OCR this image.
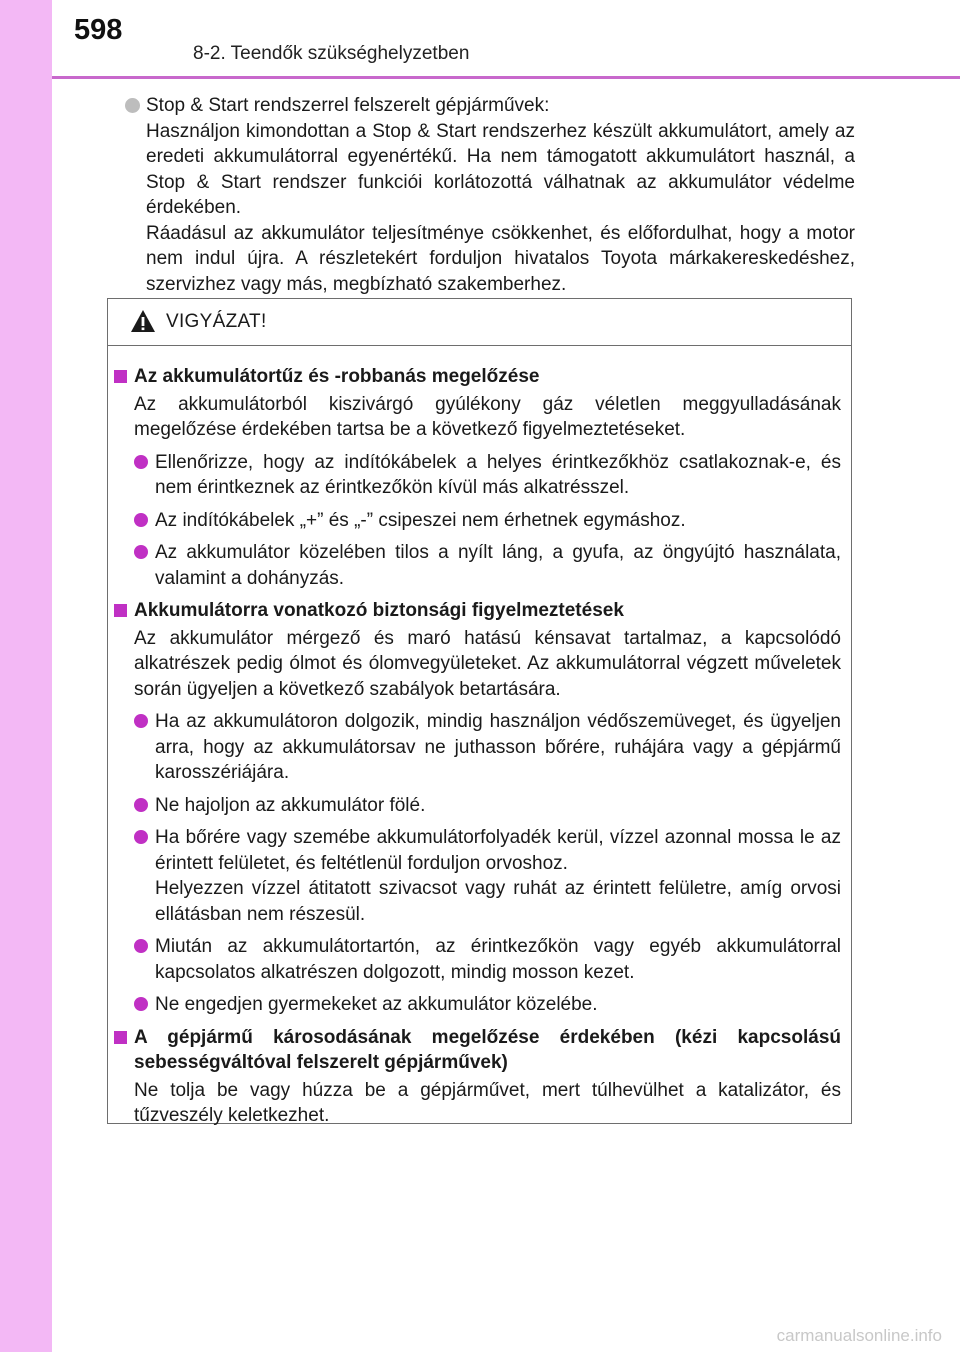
598
8-2. Teendők szükséghelyzetben
Stop & Start rendszerrel felszerelt gépjárművek:
Használjon kimondottan a Stop & Start rendszerhez készült akkumulátort, amely az eredeti akkumulátorral egyenértékű. Ha nem támogatott akkumulátort használ, a Stop & Start rendszer funkciói korlátozottá válhatnak az akkumulátor védelme érdekében.
Ráadásul az akkumulátor teljesítménye csökkenhet, és előfordulhat, hogy a motor nem indul újra. A részletekért forduljon hivatalos Toyota márkakereskedéshez, szervizhez vagy más, megbízható szakemberhez.
VIGYÁZAT!
Az akkumulátortűz és -robbanás megelőzése
Az akkumulátorból kiszivárgó gyúlékony gáz véletlen meggyulladásának megelőzése érdekében tartsa be a következő figyelmeztetéseket.
Ellenőrizze, hogy az indítókábelek a helyes érintkezőkhöz csatlakoznak-e, és nem érintkeznek az érintkezőkön kívül más alkatrésszel.
Az indítókábelek „+” és „-” csipeszei nem érhetnek egymáshoz.
Az akkumulátor közelében tilos a nyílt láng, a gyufa, az öngyújtó használata, valamint a dohányzás.
Akkumulátorra vonatkozó biztonsági figyelmeztetések
Az akkumulátor mérgező és maró hatású kénsavat tartalmaz, a kapcsolódó alkatrészek pedig ólmot és ólomvegyületeket. Az akkumulátorral végzett műveletek során ügyeljen a következő szabályok betartására.
Ha az akkumulátoron dolgozik, mindig használjon védőszemüveget, és ügyeljen arra, hogy az akkumulátorsav ne juthasson bőrére, ruhájára vagy a gépjármű karosszériájára.
Ne hajoljon az akkumulátor fölé.
Ha bőrére vagy szemébe akkumulátorfolyadék kerül, vízzel azonnal mossa le az érintett felületet, és feltétlenül forduljon orvoshoz.
Helyezzen vízzel átitatott szivacsot vagy ruhát az érintett felületre, amíg orvosi ellátásban nem részesül.
Miután az akkumulátortartón, az érintkezőkön vagy egyéb akkumulátorral kapcsolatos alkatrészen dolgozott, mindig mosson kezet.
Ne engedjen gyermekeket az akkumulátor közelébe.
A gépjármű károsodásának megelőzése érdekében (kézi kapcsolású sebességváltóval felszerelt gépjárművek)
Ne tolja be vagy húzza be a gépjárművet, mert túlhevülhet a katalizátor, és tűzveszély keletkezhet.
carmanualsonline.info
